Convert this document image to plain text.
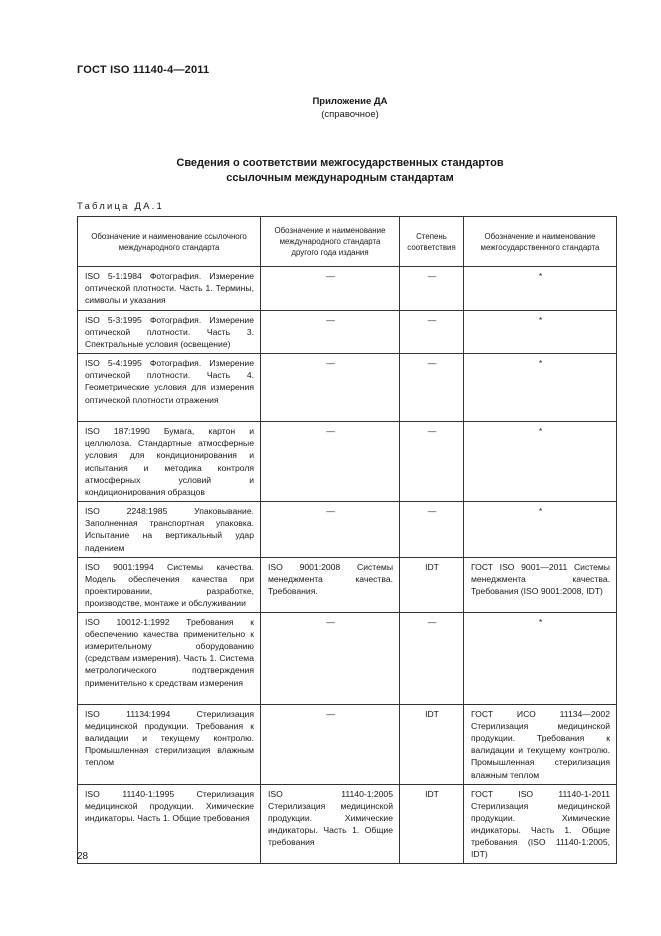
ГОСТ ISO 11140-4—2011
Приложение ДА
(справочное)
Сведения о соответствии межгосударственных стандартов
ссылочным международным стандартам
Таблица ДА.1
Обозначение и наименование ссылочного международного стандарта	Обозначение и наименование международного стандарта другого года издания	Степень соответствия	Обозначение и наименование межгосударственного стандарта
ISO 5-1:1984 Фотография. Измерение оптической плотности. Часть 1. Термины, символы и указания	—	—	*
ISO 5-3:1995 Фотография. Измерение оптической плотности. Часть 3. Спектральные условия (освещение)	—	—	*
ISO 5-4:1995 Фотография. Измерение оптической плотности. Часть 4. Геометрические условия для измерения оптической плотности отражения	—	—	*
ISO 187:1990 Бумага, картон и целлюлоза. Стандартные атмосферные условия для кондиционирования и испытания и методика контроля атмосферных условий и кондиционирования образцов	—	—	*
ISO 2248:1985 Упаковывание. Заполненная транспортная упаковка. Испытание на вертикальный удар падением	—	—	*
ISO 9001:1994 Системы качества. Модель обеспечения качества при проектировании, разработке, производстве, монтаже и обслуживании	ISO 9001:2008 Системы менеджмента качества. Требования.	IDT	ГОСТ ISO 9001—2011 Системы менеджмента качества. Требования (ISO 9001:2008, IDT)
ISO 10012-1:1992 Требования к обеспечению качества применительно к измерительному оборудованию (средствам измерения). Часть 1. Система метрологического подтверждения применительно к средствам измерения	—	—	*
ISO 11134:1994 Стерилизация медицинской продукции. Требования к валидации и текущему контролю. Промышленная стерилизация влажным теплом	—	IDT	ГОСТ ИСО 11134—2002 Стерилизация медицинской продукции. Требования к валидации и текущему контролю. Промышленная стерилизация влажным теплом
ISO 11140-1:1995 Стерилизация медицинской продукции. Химические индикаторы. Часть 1. Общие требования	ISO 11140-1:2005 Стерилизация медицинской продукции. Химические индикаторы. Часть 1. Общие требования	IDT	ГОСТ ISO 11140-1-2011 Стерилизация медицинской продукции. Химические индикаторы. Часть 1. Общие требования (ISO 11140-1:2005, IDT)
28
